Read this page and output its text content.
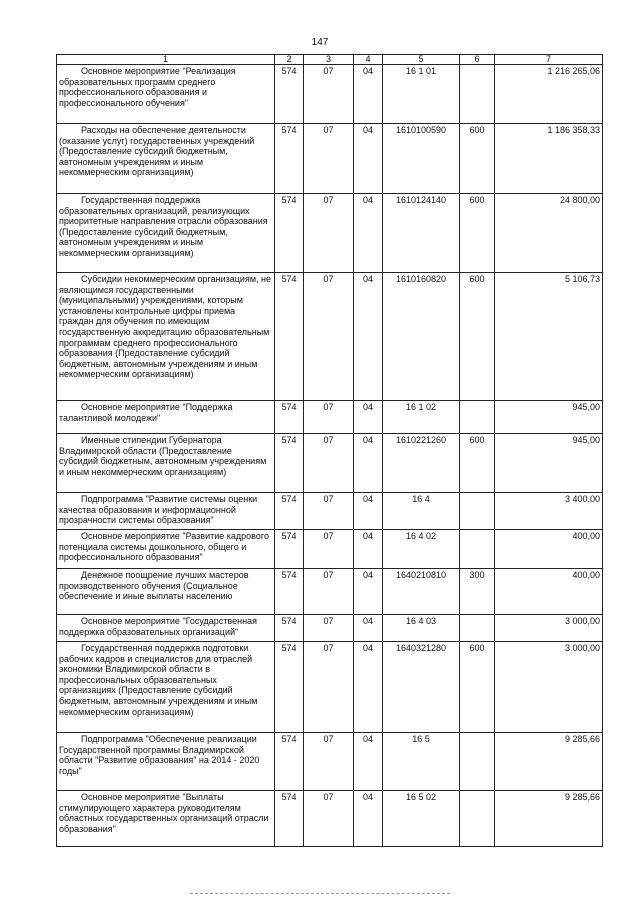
147
1	2	3	4	5	6	7
Основное мероприятие "Реализация образовательных программ среднего профессионального образования и профессионального обучения"	574	07	04	16 1 01		1 216 265,06
Расходы на обеспечение деятельности (оказание услуг) государственных учреждений (Предоставление субсидий бюджетным, автономным учреждениям и иным некоммерческим организациям)	574	07	04	1610100590	600	1 186 358,33
Государственная поддержка образовательных организаций, реализующих приоритетные направления отрасли образования (Предоставление субсидий бюджетным, автономным учреждениям и иным некоммерческим организациям)	574	07	04	1610124140	600	24 800,00
Субсидии некоммерческим организациям, не являющимся государственными (муниципальными) учреждениями, которым установлены контрольные цифры приема граждан для обучения по имеющим государственную аккредитацию образовательным программам среднего профессионального образования (Предоставление субсидий бюджетным, автономным учреждениям и иным некоммерческим организациям)	574	07	04	1610160820	600	5 106,73
Основное мероприятие "Поддержка талантливой молодежи"	574	07	04	16 1 02		945,00
Именные стипендии Губернатора Владимирской области (Предоставление субсидий бюджетным, автономным учреждениям и иным некоммерческим организациям)	574	07	04	1610221260	600	945,00
Подпрограмма "Развитие системы оценки качества образования и информационной прозрачности системы образования"	574	07	04	16 4		3 400,00
Основное мероприятие "Развитие кадрового потенциала системы дошкольного, общего и профессионального образования"	574	07	04	16 4 02		400,00
Денежное поощрение лучших мастеров производственного обучения (Социальное обеспечение и иные выплаты населению	574	07	04	1640210810	300	400,00
Основное мероприятие "Государственная поддержка образовательных организаций"	574	07	04	16 4 03		3 000,00
Государственная поддержка подготовки рабочих кадров и специалистов для отраслей экономики Владимирской области в профессиональных образовательных организациях (Предоставление субсидий бюджетным, автономным учреждениям и иным некоммерческим организациям)	574	07	04	1640321280	600	3 000,00
Подпрограмма "Обеспечение реализации Государственной программы Владимирской области "Развитие образования" на 2014 - 2020 годы"	574	07	04	16 5		9 285,66
Основное мероприятие "Выплаты стимулирующего характера руководителям областных государственных организаций отрасли образования"	574	07	04	16 5 02		9 285,66
